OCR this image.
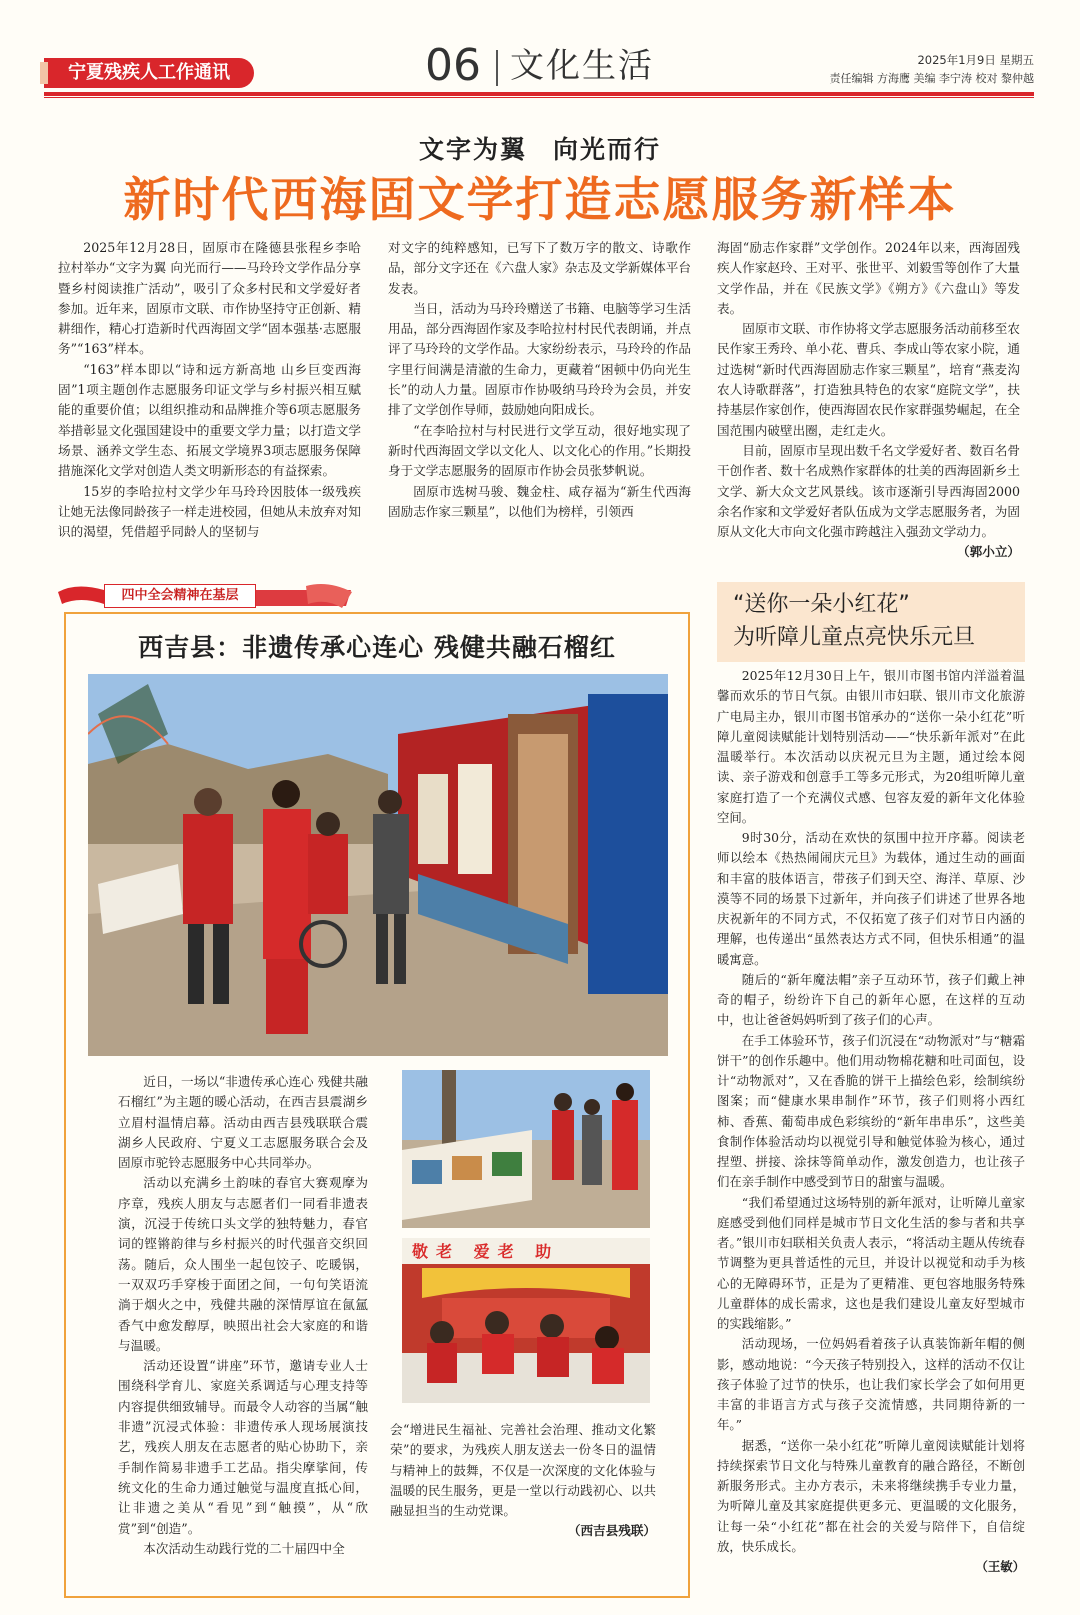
宁夏残疾人工作通讯	06 文化生活	2025年1月9日 星期五
责任编辑 方海鹰 美编 李宁涛 校对 黎仲越
文字为翼 向光而行
新时代西海固文学打造志愿服务新样本

2025年12月28日，固原市在隆德县张程乡李哈拉村举办“文字为翼 向光而行——马玲玲文学作品分享暨乡村阅读推广活动”，吸引了众多村民和文学爱好者参加。近年来，固原市文联、市作协坚持守正创新、精耕细作，精心打造新时代西海固文学“固本强基·志愿服务”“163”样本。

“163”样本即以“诗和远方新高地 山乡巨变西海固”1项主题创作志愿服务印证文学与乡村振兴相互赋能的重要价值；以组织推动和品牌推介等6项志愿服务举措彰显文化强国建设中的重要文学力量；以打造文学场景、涵养文学生态、拓展文学境界3项志愿服务保障措施深化文学对创造人类文明新形态的有益探索。

15岁的李哈拉村文学少年马玲玲因肢体一级残疾让她无法像同龄孩子一样走进校园，但她从未放弃对知识的渴望，凭借超乎同龄人的坚韧与

对文字的纯粹感知，已写下了数万字的散文、诗歌作品，部分文字还在《六盘人家》杂志及文学新媒体平台发表。

当日，活动为马玲玲赠送了书籍、电脑等学习生活用品，部分西海固作家及李哈拉村村民代表朗诵，并点评了马玲玲的文学作品。大家纷纷表示，马玲玲的作品字里行间满是清澈的生命力，更藏着“困顿中仍向光生长”的动人力量。固原市作协吸纳马玲玲为会员，并安排了文学创作导师，鼓励她向阳成长。

“在李哈拉村与村民进行文学互动，很好地实现了新时代西海固文学以文化人、以文化心的作用。”长期投身于文学志愿服务的固原市作协会员张梦帆说。

固原市选树马骏、魏金柱、咸存福为“新生代西海固励志作家三颗星”，以他们为榜样，引领西

海固“励志作家群”文学创作。2024年以来，西海固残疾人作家赵玲、王对平、张世平、刘毅雪等创作了大量文学作品，并在《民族文学》《朔方》《六盘山》等发表。

固原市文联、市作协将文学志愿服务活动前移至农民作家王秀玲、单小花、曹兵、李成山等农家小院，通过选树“新时代西海固励志作家三颗星”，培育“燕麦沟农人诗歌群落”，打造独具特色的农家“庭院文学”，扶持基层作家创作，使西海固农民作家群强势崛起，在全国范围内破壁出圈，走红走火。

目前，固原市呈现出数千名文学爱好者、数百名骨干创作者、数十名成熟作家群体的壮美的西海固新乡土文学、新大众文艺风景线。该市逐渐引导西海固2000余名作家和文学爱好者队伍成为文学志愿服务者，为固原从文化大市向文化强市跨越注入强劲文学动力。

（郭小立）

四中全会精神在基层
西吉县：非遗传承心连心 残健共融石榴红

近日，一场以“非遗传承心连心 残健共融石榴红”为主题的暖心活动，在西吉县震湖乡立眉村温情启幕。活动由西吉县残联联合震湖乡人民政府、宁夏义工志愿服务联合会及固原市驼铃志愿服务中心共同举办。

活动以充满乡土韵味的春官大赛观摩为序章，残疾人朋友与志愿者们一同看非遗表演，沉浸于传统口头文学的独特魅力，春官词的铿锵韵律与乡村振兴的时代强音交织回荡。随后，众人围坐一起包饺子、吃暖锅，一双双巧手穿梭于面团之间，一句句笑语流淌于烟火之中，残健共融的深情厚谊在氤氲香气中愈发醇厚，映照出社会大家庭的和谐与温暖。

活动还设置“讲座”环节，邀请专业人士围绕科学育儿、家庭关系调适与心理支持等内容提供细致辅导。而最令人动容的当属“触非遗”沉浸式体验：非遗传承人现场展演技艺，残疾人朋友在志愿者的贴心协助下，亲手制作简易非遗手工艺品。指尖摩挲间，传统文化的生命力通过触觉与温度直抵心间，让非遗之美从“看见”到“触摸”，从“欣赏”到“创造”。

本次活动生动践行党的二十届四中全

敬老 爱老 助

会“增进民生福祉、完善社会治理、推动文化繁荣”的要求，为残疾人朋友送去一份冬日的温情与精神上的鼓舞，不仅是一次深度的文化体验与温暖的民生服务，更是一堂以行动践初心、以共融显担当的生动党课。

（西吉县残联）

“送你一朵小红花”
为听障儿童点亮快乐元旦

2025年12月30日上午，银川市图书馆内洋溢着温馨而欢乐的节日气氛。由银川市妇联、银川市文化旅游广电局主办，银川市图书馆承办的“送你一朵小红花”听障儿童阅读赋能计划特别活动——“快乐新年派对”在此温暖举行。本次活动以庆祝元旦为主题，通过绘本阅读、亲子游戏和创意手工等多元形式，为20组听障儿童家庭打造了一个充满仪式感、包容友爱的新年文化体验空间。

9时30分，活动在欢快的氛围中拉开序幕。阅读老师以绘本《热热闹闹庆元旦》为载体，通过生动的画面和丰富的肢体语言，带孩子们到天空、海洋、草原、沙漠等不同的场景下过新年，并向孩子们讲述了世界各地庆祝新年的不同方式，不仅拓宽了孩子们对节日内涵的理解，也传递出“虽然表达方式不同，但快乐相通”的温暖寓意。

随后的“新年魔法帽”亲子互动环节，孩子们戴上神奇的帽子，纷纷许下自己的新年心愿，在这样的互动中，也让爸爸妈妈听到了孩子们的心声。

在手工体验环节，孩子们沉浸在“动物派对”与“糖霜饼干”的创作乐趣中。他们用动物棉花糖和吐司面包，设计“动物派对”，又在香脆的饼干上描绘色彩，绘制缤纷图案；而“健康水果串制作”环节，孩子们则将小西红柿、香蕉、葡萄串成色彩缤纷的“新年串串乐”，这些美食制作体验活动均以视觉引导和触觉体验为核心，通过捏塑、拼接、涂抹等简单动作，激发创造力，也让孩子们在亲手制作中感受到节日的甜蜜与温暖。

“我们希望通过这场特别的新年派对，让听障儿童家庭感受到他们同样是城市节日文化生活的参与者和共享者。”银川市妇联相关负责人表示，“将活动主题从传统春节调整为更具普适性的元旦，并设计以视觉和动手为核心的无障碍环节，正是为了更精准、更包容地服务特殊儿童群体的成长需求，这也是我们建设儿童友好型城市的实践缩影。”

活动现场，一位妈妈看着孩子认真装饰新年帽的侧影，感动地说：“今天孩子特别投入，这样的活动不仅让孩子体验了过节的快乐，也让我们家长学会了如何用更丰富的非语言方式与孩子交流情感，共同期待新的一年。”

据悉，“送你一朵小红花”听障儿童阅读赋能计划将持续探索节日文化与特殊儿童教育的融合路径，不断创新服务形式。主办方表示，未来将继续携手专业力量，为听障儿童及其家庭提供更多元、更温暖的文化服务，让每一朵“小红花”都在社会的关爱与陪伴下，自信绽放，快乐成长。

（王敏）
